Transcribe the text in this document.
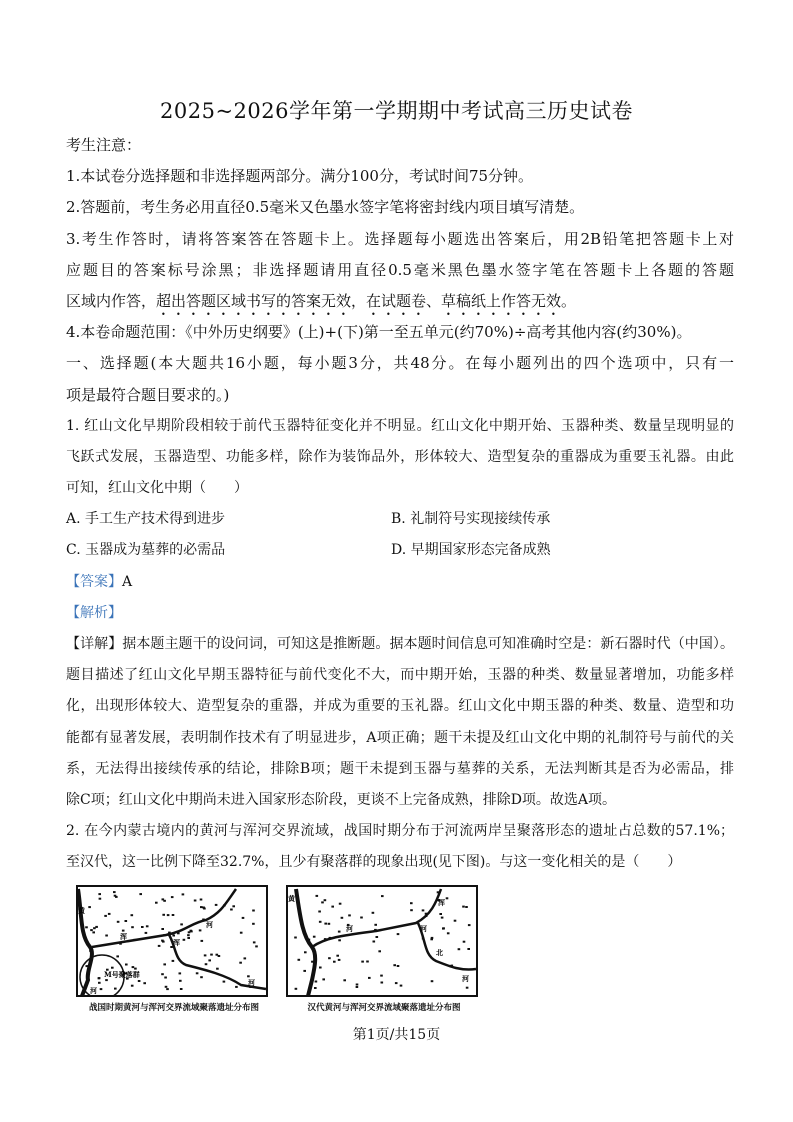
2025~2026学年第一学期期中考试高三历史试卷
考生注意：
1.本试卷分选择题和非选择题两部分。满分100分，考试时间75分钟。
2.答题前，考生务必用直径0.5毫米又色墨水签字笔将密封线内项目填写清楚。
3.考生作答时，请将答案答在答题卡上。选择题每小题选出答案后，用2B铅笔把答题卡上对
应题目的答案标号涂黑；非选择题请用直径0.5毫米黑色墨水签字笔在答题卡上各题的答题
区域内作答，超出答题区域书写的答案无效，在试题卷、草稿纸上作答无效。
4.本卷命题范围：《中外历史纲要》(上)+(下)第一至五单元(约70%)÷高考其他内容(约30%)。
一、选择题(本大题共16小题，每小题3分，共48分。在每小题列出的四个选项中，只有一
项是最符合题目要求的。)
1. 红山文化早期阶段相较于前代玉器特征变化并不明显。红山文化中期开始、玉器种类、数量呈现明显的
飞跃式发展，玉器造型、功能多样，除作为装饰品外，形体较大、造型复杂的重器成为重要玉礼器。由此
可知，红山文化中期（　　）
A. 手工生产技术得到进步	B. 礼制符号实现接续传承
C. 玉器成为墓葬的必需品	D. 早期国家形态完备成熟
【答案】A
【解析】
【详解】据本题主题干的设问词，可知这是推断题。据本题时间信息可知准确时空是：新石器时代（中国）。
题目描述了红山文化早期玉器特征与前代变化不大，而中期开始，玉器的种类、数量显著增加，功能多样
化，出现形体较大、造型复杂的重器，并成为重要的玉礼器。红山文化中期玉器的种类、数量、造型和功
能都有显著发展，表明制作技术有了明显进步，A项正确；题干未提及红山文化中期的礼制符号与前代的关
系，无法得出接续传承的结论，排除B项；题干未提到玉器与墓葬的关系，无法判断其是否为必需品，排
除C项；红山文化中期尚未进入国家形态阶段，更谈不上完备成熟，排除D项。故选A项。
2. 在今内蒙古境内的黄河与浑河交界流域，战国时期分布于河流两岸呈聚落形态的遗址占总数的57.1%；
至汉代，这一比例下降至32.7%，且少有聚落群的现象出现(见下图)。与这一变化相关的是（　　）
M号聚落群
黄
浑
河
浑
河
河
战国时期黄河与浑河交界流域聚落遗址分布图
黄
河
浑
河
北
河
汉代黄河与浑河交界流域聚落遗址分布图
第1页/共15页
